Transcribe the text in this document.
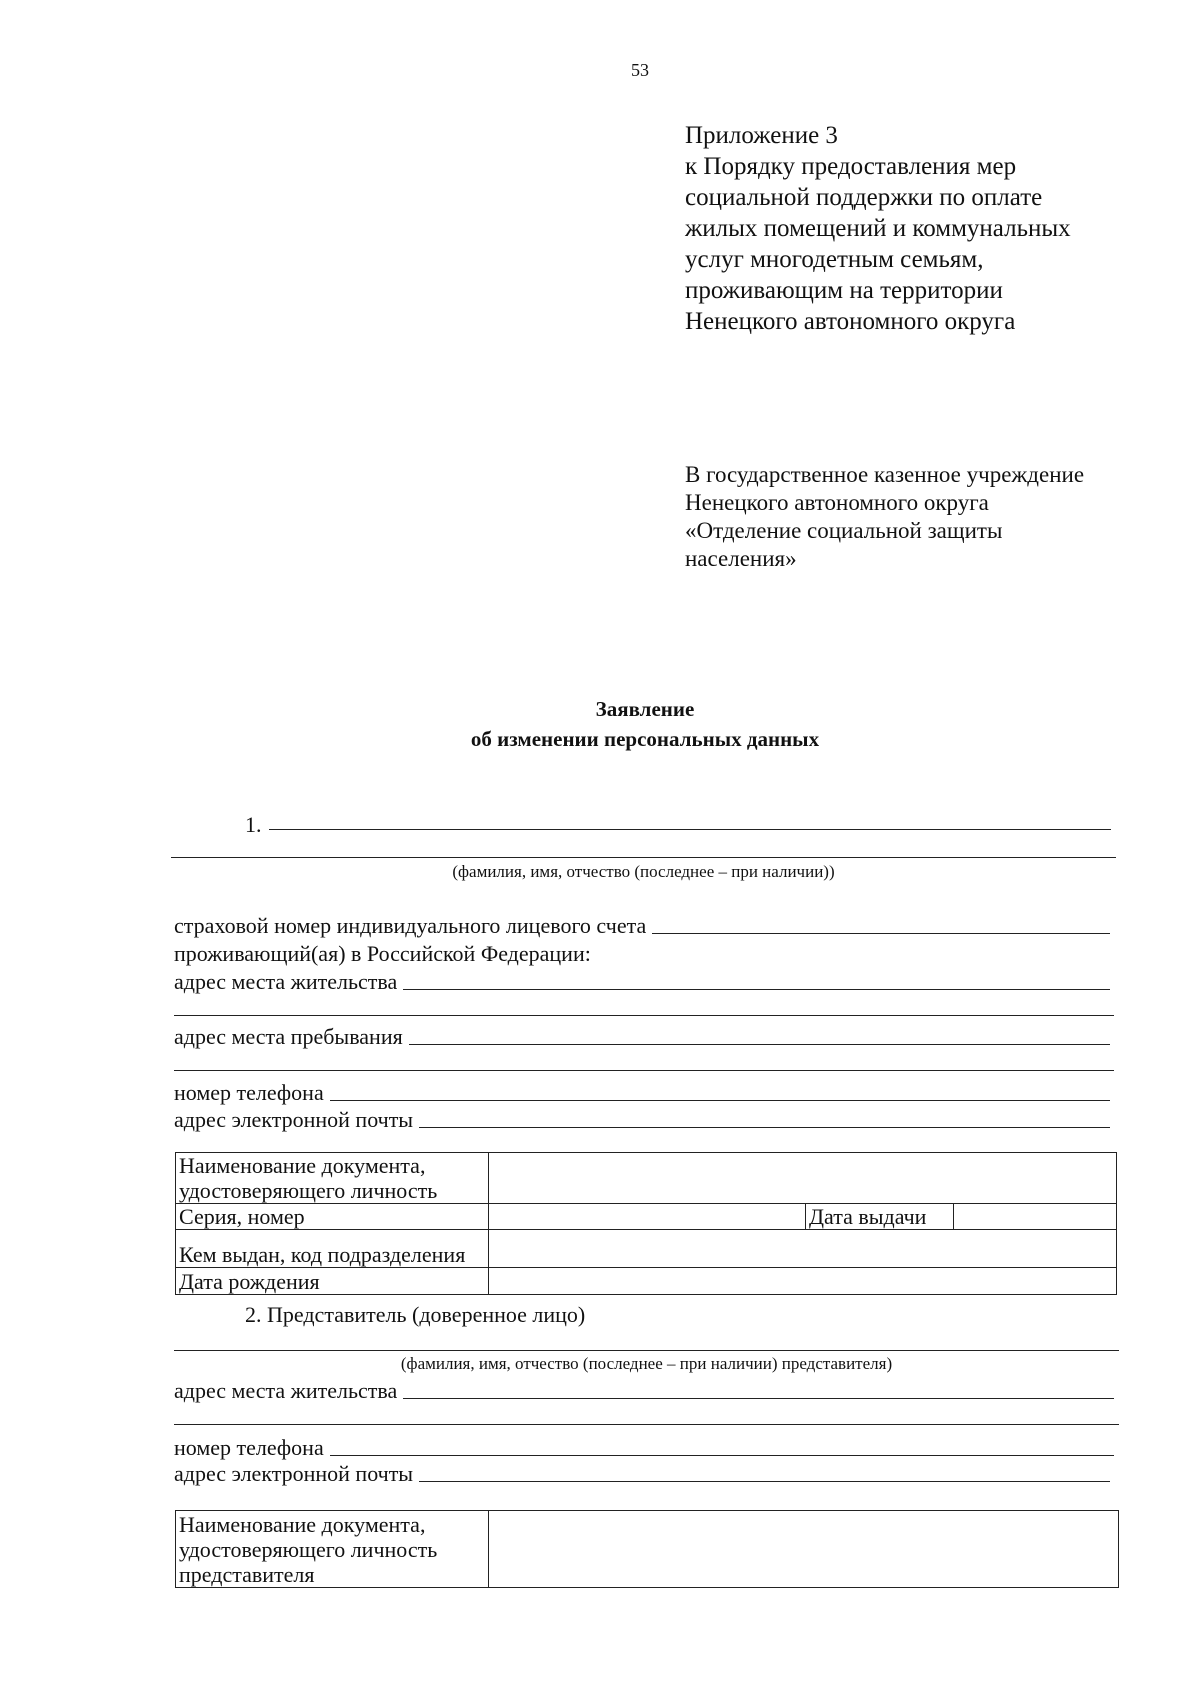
53
Приложение 3
к Порядку предоставления мер
социальной поддержки по оплате
жилых помещений и коммунальных
услуг многодетным семьям,
проживающим на территории
Ненецкого автономного округа
В государственное казенное учреждение
Ненецкого автономного округа
«Отделение социальной защиты
населения»
Заявление
об изменении персональных данных
1.
(фамилия, имя, отчество (последнее – при наличии))
страховой номер индивидуального лицевого счета
проживающий(ая) в Российской Федерации:
адрес места жительства
адрес места пребывания
номер телефона
адрес электронной почты
Наименование документа,
удостоверяющего личность			
Серия, номер		Дата выдачи	
Кем выдан, код подразделения			
Дата рождения			
2. Представитель (доверенное лицо)
(фамилия, имя, отчество (последнее – при наличии) представителя)
адрес места жительства
номер телефона
адрес электронной почты
Наименование документа,
удостоверяющего личность
представителя	
